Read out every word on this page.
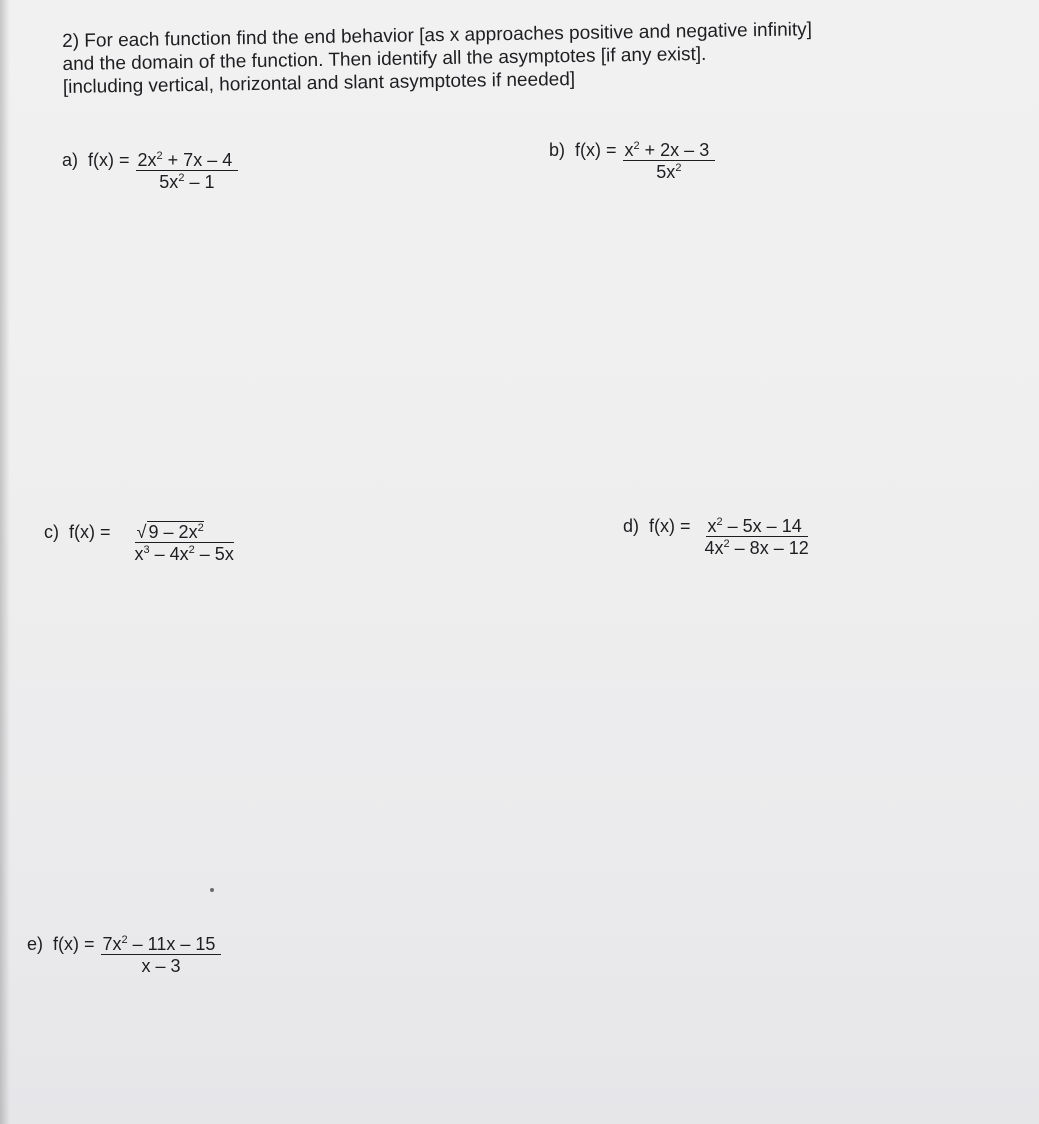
2) For each function find the end behavior [as x approaches positive and negative infinity]
and the domain of the function. Then identify all the asymptotes [if any exist].
[including vertical, horizontal and slant asymptotes if needed]
a) $f(x) = \frac{2x^2 + 7x - 4}{5x^2 - 1}$	b) $f(x) = \frac{x^2 + 2x - 3}{5x^2}$
c) $f(x) = \frac{√ 9 - 2x^2}{x^3 - 4x^2 - 5x}$	d) $f(x) = \frac{x^2 - 5x - 14}{4x^2 - 8x - 12}$
e) $f(x) = \frac{7x^2 - 11x - 15}{x - 3}$
